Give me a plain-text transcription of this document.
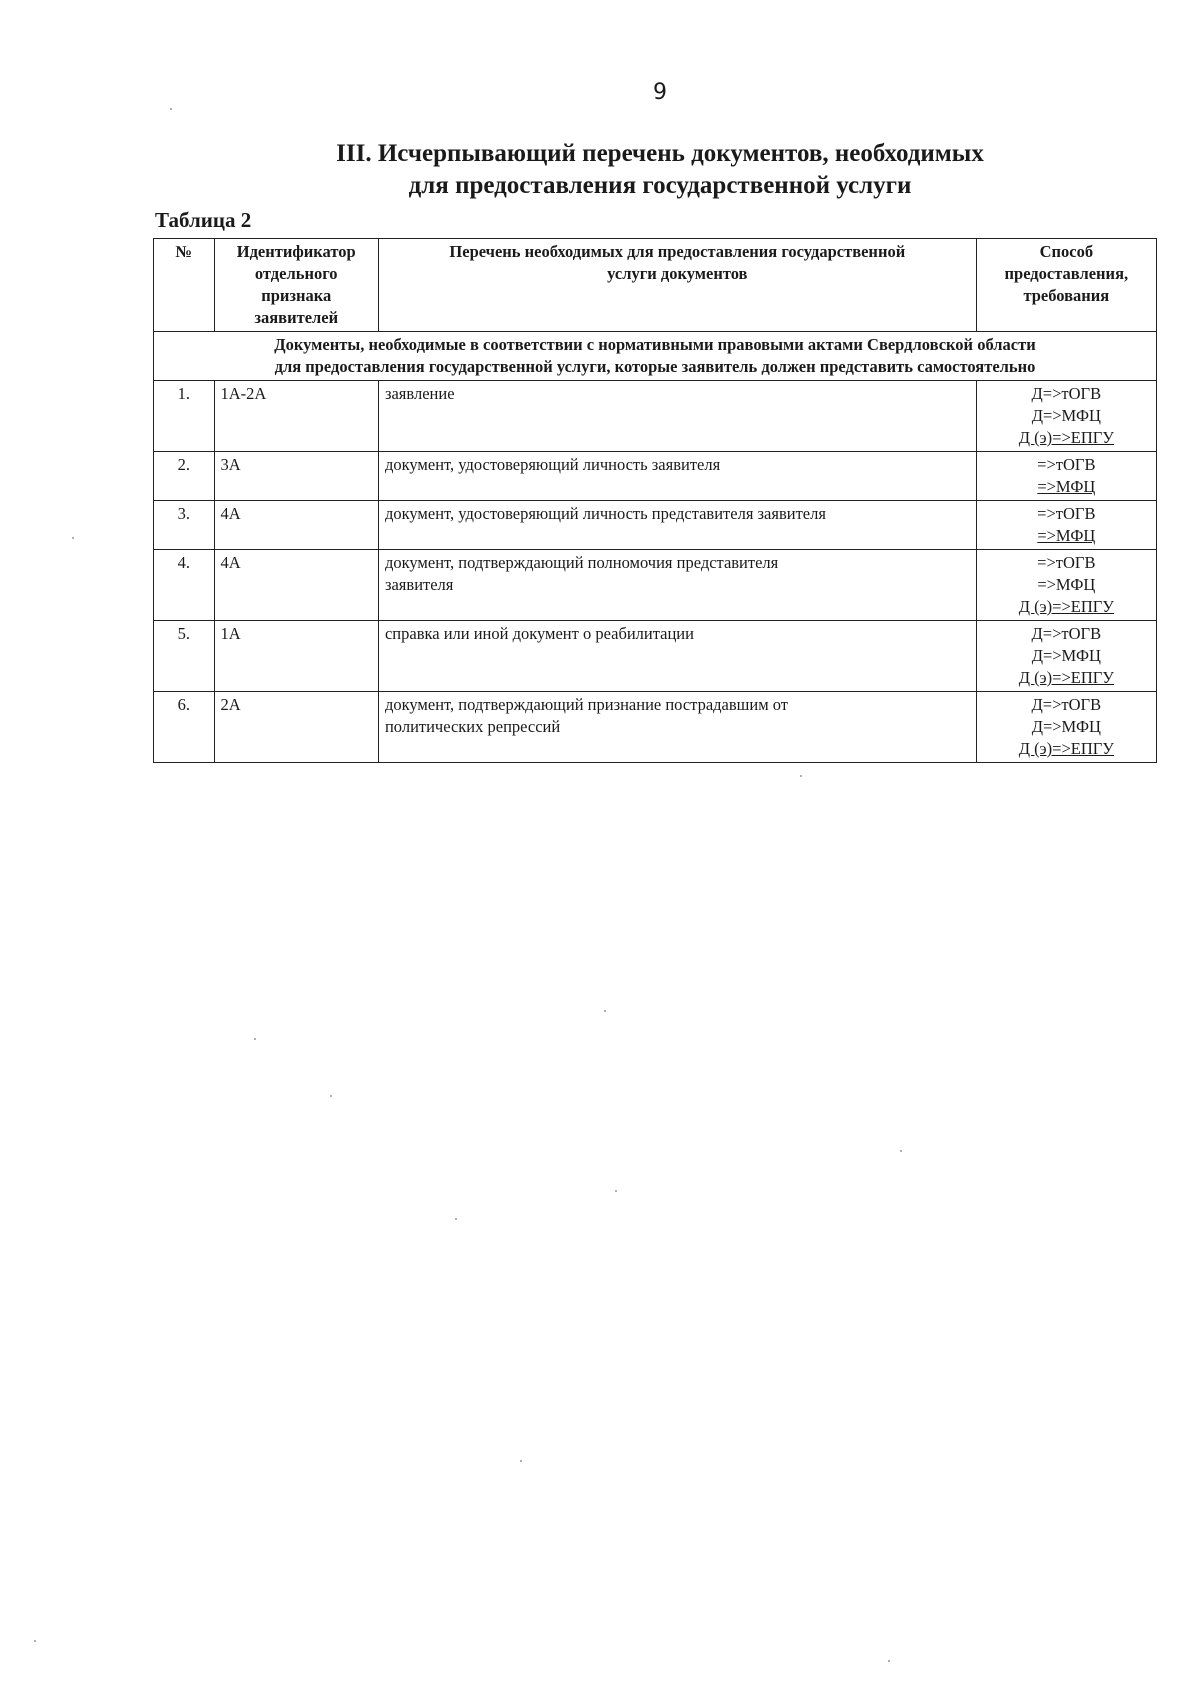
9
III. Исчерпывающий перечень документов, необходимых
для предоставления государственной услуги
Таблица 2
№	Идентификатор
отдельного
признака
заявителей	Перечень необходимых для предоставления государственной
услуги документов	Способ
предоставления,
требования

Документы, необходимые в соответствии с нормативными правовыми актами Свердловской области
для предоставления государственной услуги, которые заявитель должен представить самостоятельно			

1.	1А-2А	заявление	Д=>тОГВ
Д=>МФЦ
Д (э)=>ЕПГУ

2.	3А	документ, удостоверяющий личность заявителя	=>тОГВ
=>МФЦ

3.	4А	документ, удостоверяющий личность представителя заявителя	=>тОГВ
=>МФЦ

4.	4А	документ, подтверждающий полномочия представителя
заявителя	=>тОГВ
=>МФЦ
Д (э)=>ЕПГУ

5.	1А	справка или иной документ о реабилитации	Д=>тОГВ
Д=>МФЦ
Д (э)=>ЕПГУ

6.	2А	документ, подтверждающий признание пострадавшим от
политических репрессий	Д=>тОГВ
Д=>МФЦ
Д (э)=>ЕПГУ
